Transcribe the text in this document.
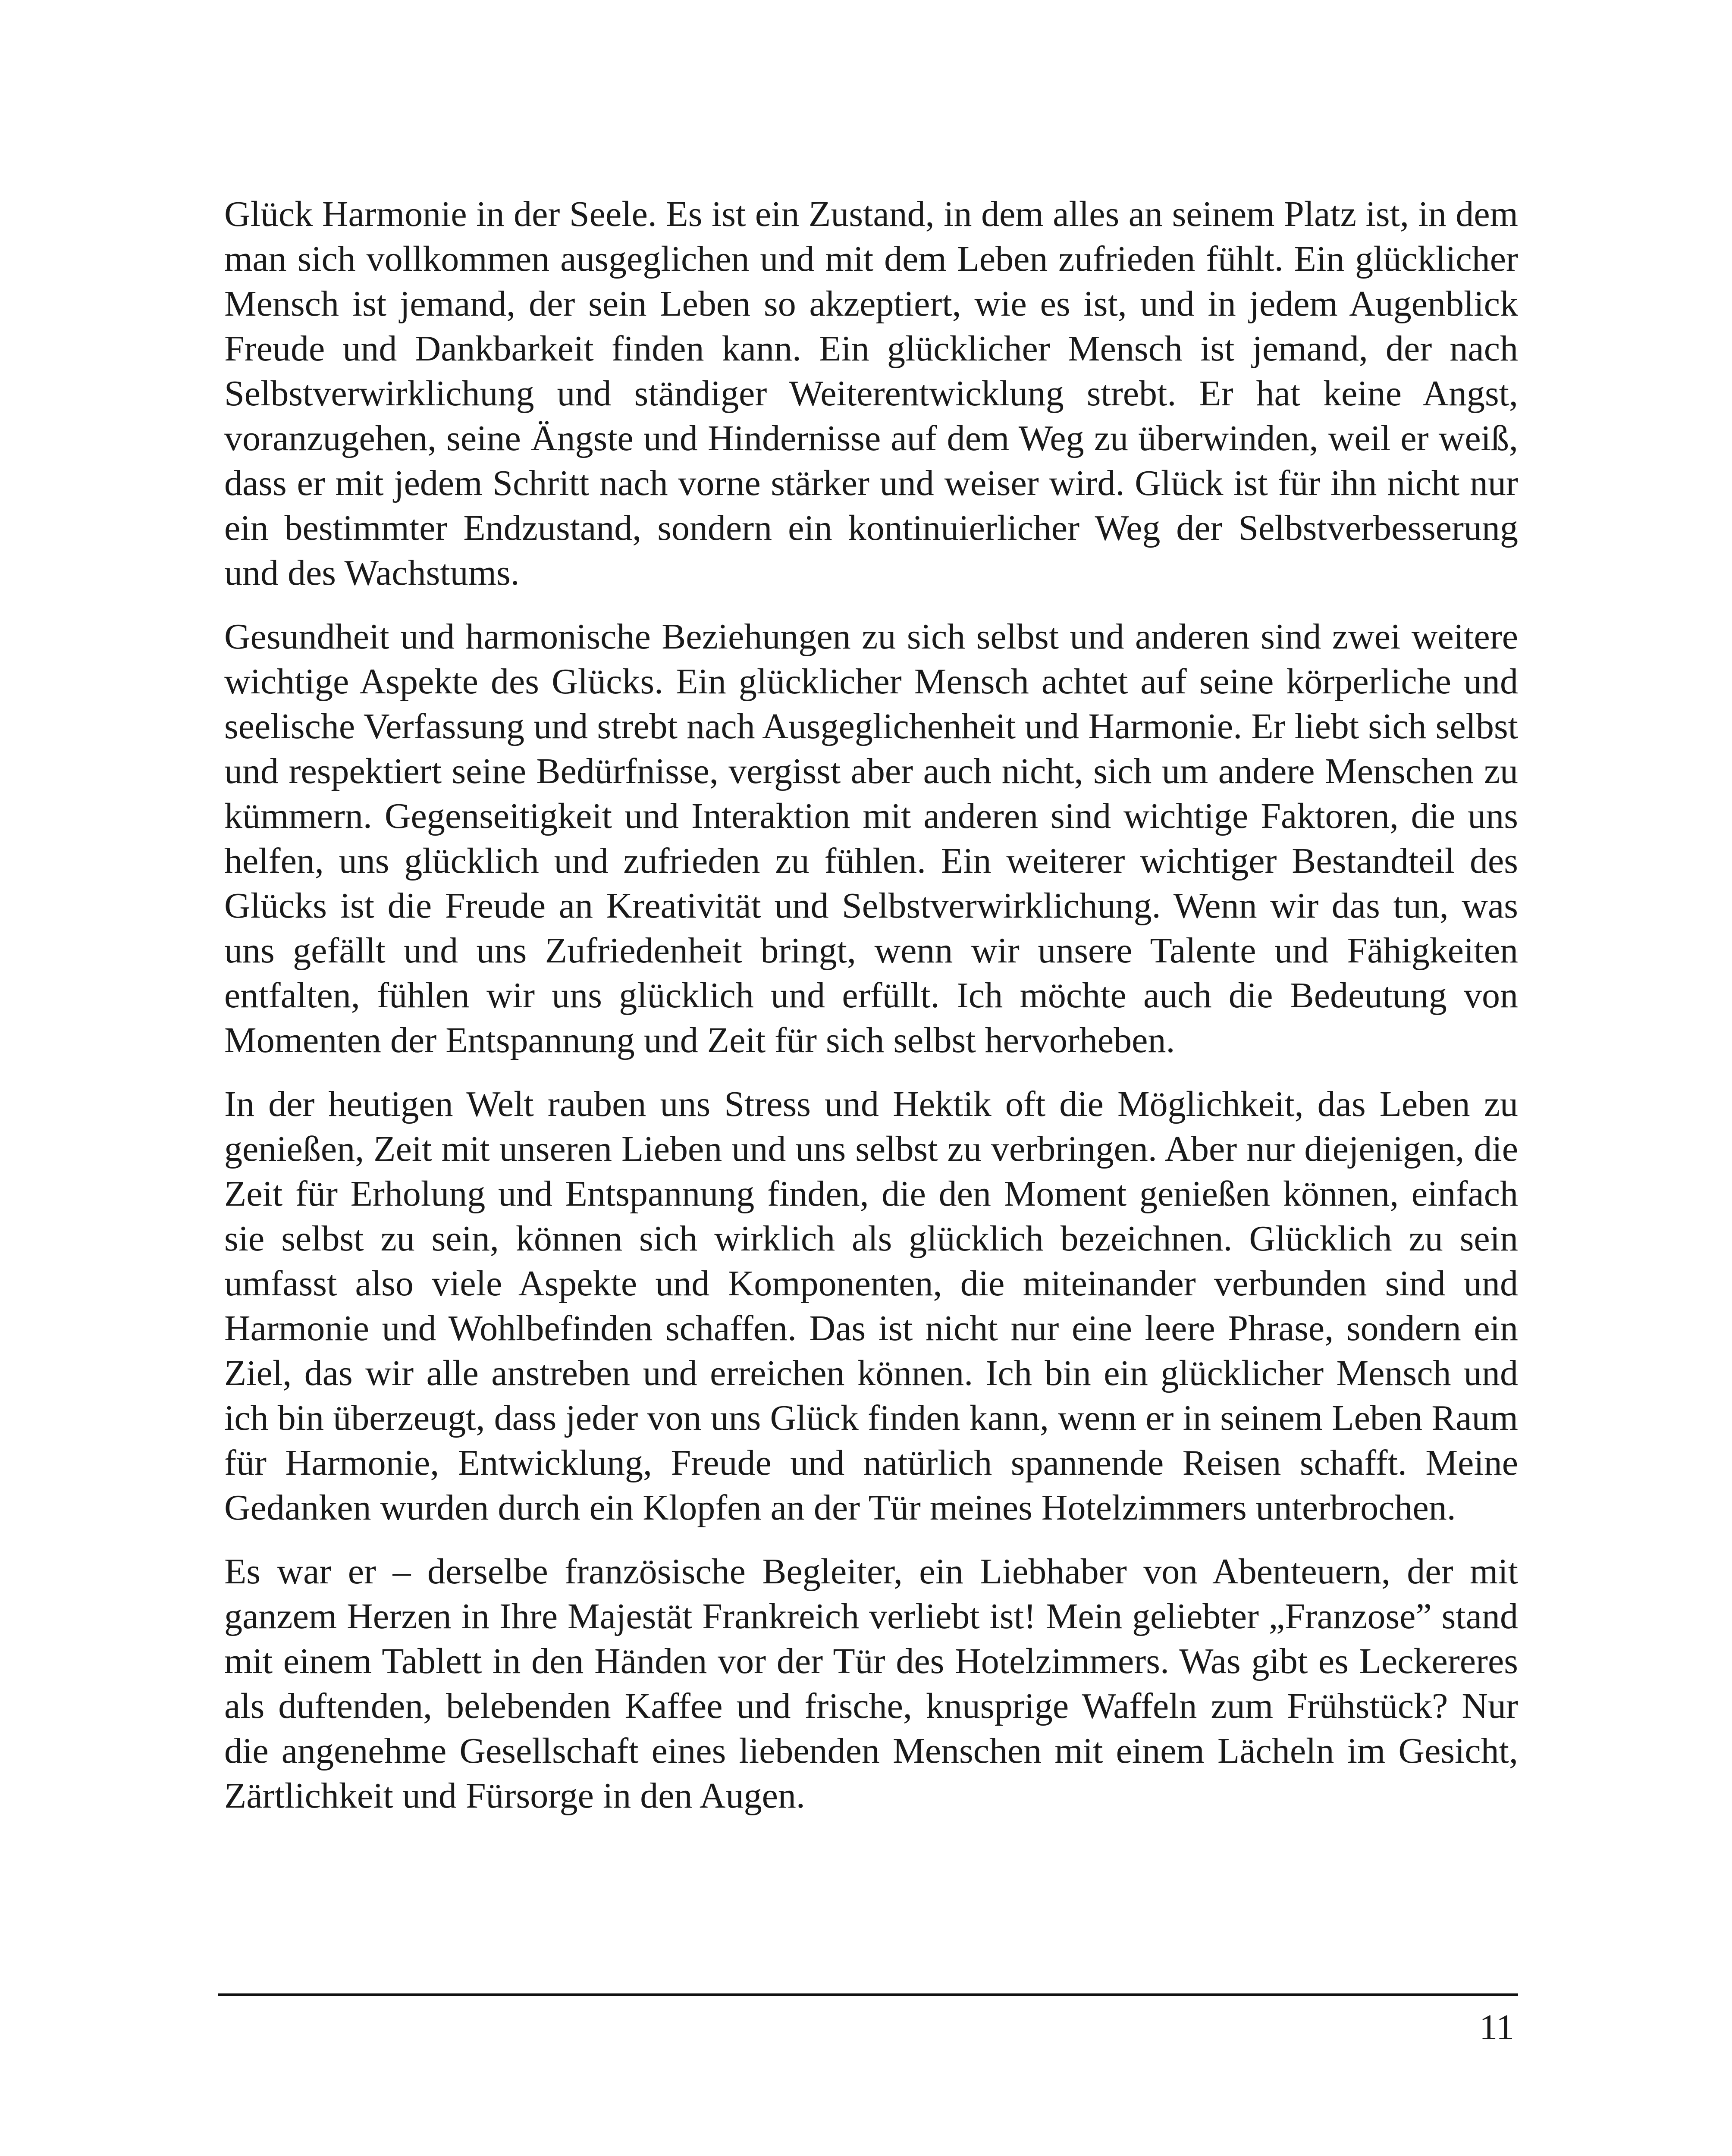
Glück Harmonie in der Seele. Es ist ein Zustand, in dem alles an seinem Platz ist, in dem man sich vollkommen ausgeglichen und mit dem Leben zufrieden fühlt. Ein glücklicher Mensch ist jemand, der sein Leben so akzeptiert, wie es ist, und in jedem Augenblick Freude und Dankbarkeit finden kann. Ein glücklicher Mensch ist jemand, der nach Selbstverwirklichung und ständiger Weiterentwicklung strebt. Er hat keine Angst, voranzugehen, seine Ängste und Hindernisse auf dem Weg zu überwinden, weil er weiß, dass er mit jedem Schritt nach vorne stärker und weiser wird. Glück ist für ihn nicht nur ein bestimmter Endzustand, sondern ein kontinuierlicher Weg der Selbstverbesserung und des Wachstums.

Gesundheit und harmonische Beziehungen zu sich selbst und anderen sind zwei weitere wichtige Aspekte des Glücks. Ein glücklicher Mensch achtet auf seine körperliche und seelische Verfassung und strebt nach Ausgeglichenheit und Harmonie. Er liebt sich selbst und respektiert seine Bedürfnisse, vergisst aber auch nicht, sich um andere Menschen zu kümmern. Gegenseitigkeit und Interaktion mit anderen sind wichtige Faktoren, die uns helfen, uns glücklich und zufrieden zu fühlen. Ein weiterer wichtiger Bestandteil des Glücks ist die Freude an Kreativität und Selbstverwirklichung. Wenn wir das tun, was uns gefällt und uns Zufriedenheit bringt, wenn wir unsere Talente und Fähigkeiten entfalten, fühlen wir uns glücklich und erfüllt. Ich möchte auch die Bedeutung von Momenten der Entspannung und Zeit für sich selbst hervorheben.

In der heutigen Welt rauben uns Stress und Hektik oft die Möglichkeit, das Leben zu genießen, Zeit mit unseren Lieben und uns selbst zu verbringen. Aber nur diejenigen, die Zeit für Erholung und Entspannung finden, die den Moment genießen können, einfach sie selbst zu sein, können sich wirklich als glücklich bezeichnen. Glücklich zu sein umfasst also viele Aspekte und Komponenten, die miteinander verbunden sind und Harmonie und Wohlbefinden schaffen. Das ist nicht nur eine leere Phrase, sondern ein Ziel, das wir alle anstreben und erreichen können. Ich bin ein glücklicher Mensch und ich bin überzeugt, dass jeder von uns Glück finden kann, wenn er in seinem Leben Raum für Harmonie, Entwicklung, Freude und natürlich spannende Reisen schafft. Meine Gedanken wurden durch ein Klopfen an der Tür meines Hotelzimmers unterbrochen.

Es war er – derselbe französische Begleiter, ein Liebhaber von Abenteuern, der mit ganzem Herzen in Ihre Majestät Frankreich verliebt ist! Mein geliebter „Franzose” stand mit einem Tablett in den Händen vor der Tür des Hotelzimmers. Was gibt es Leckereres als duftenden, belebenden Kaffee und frische, knusprige Waffeln zum Frühstück? Nur die angenehme Gesellschaft eines liebenden Menschen mit einem Lächeln im Gesicht, Zärtlichkeit und Fürsorge in den Augen.

11
